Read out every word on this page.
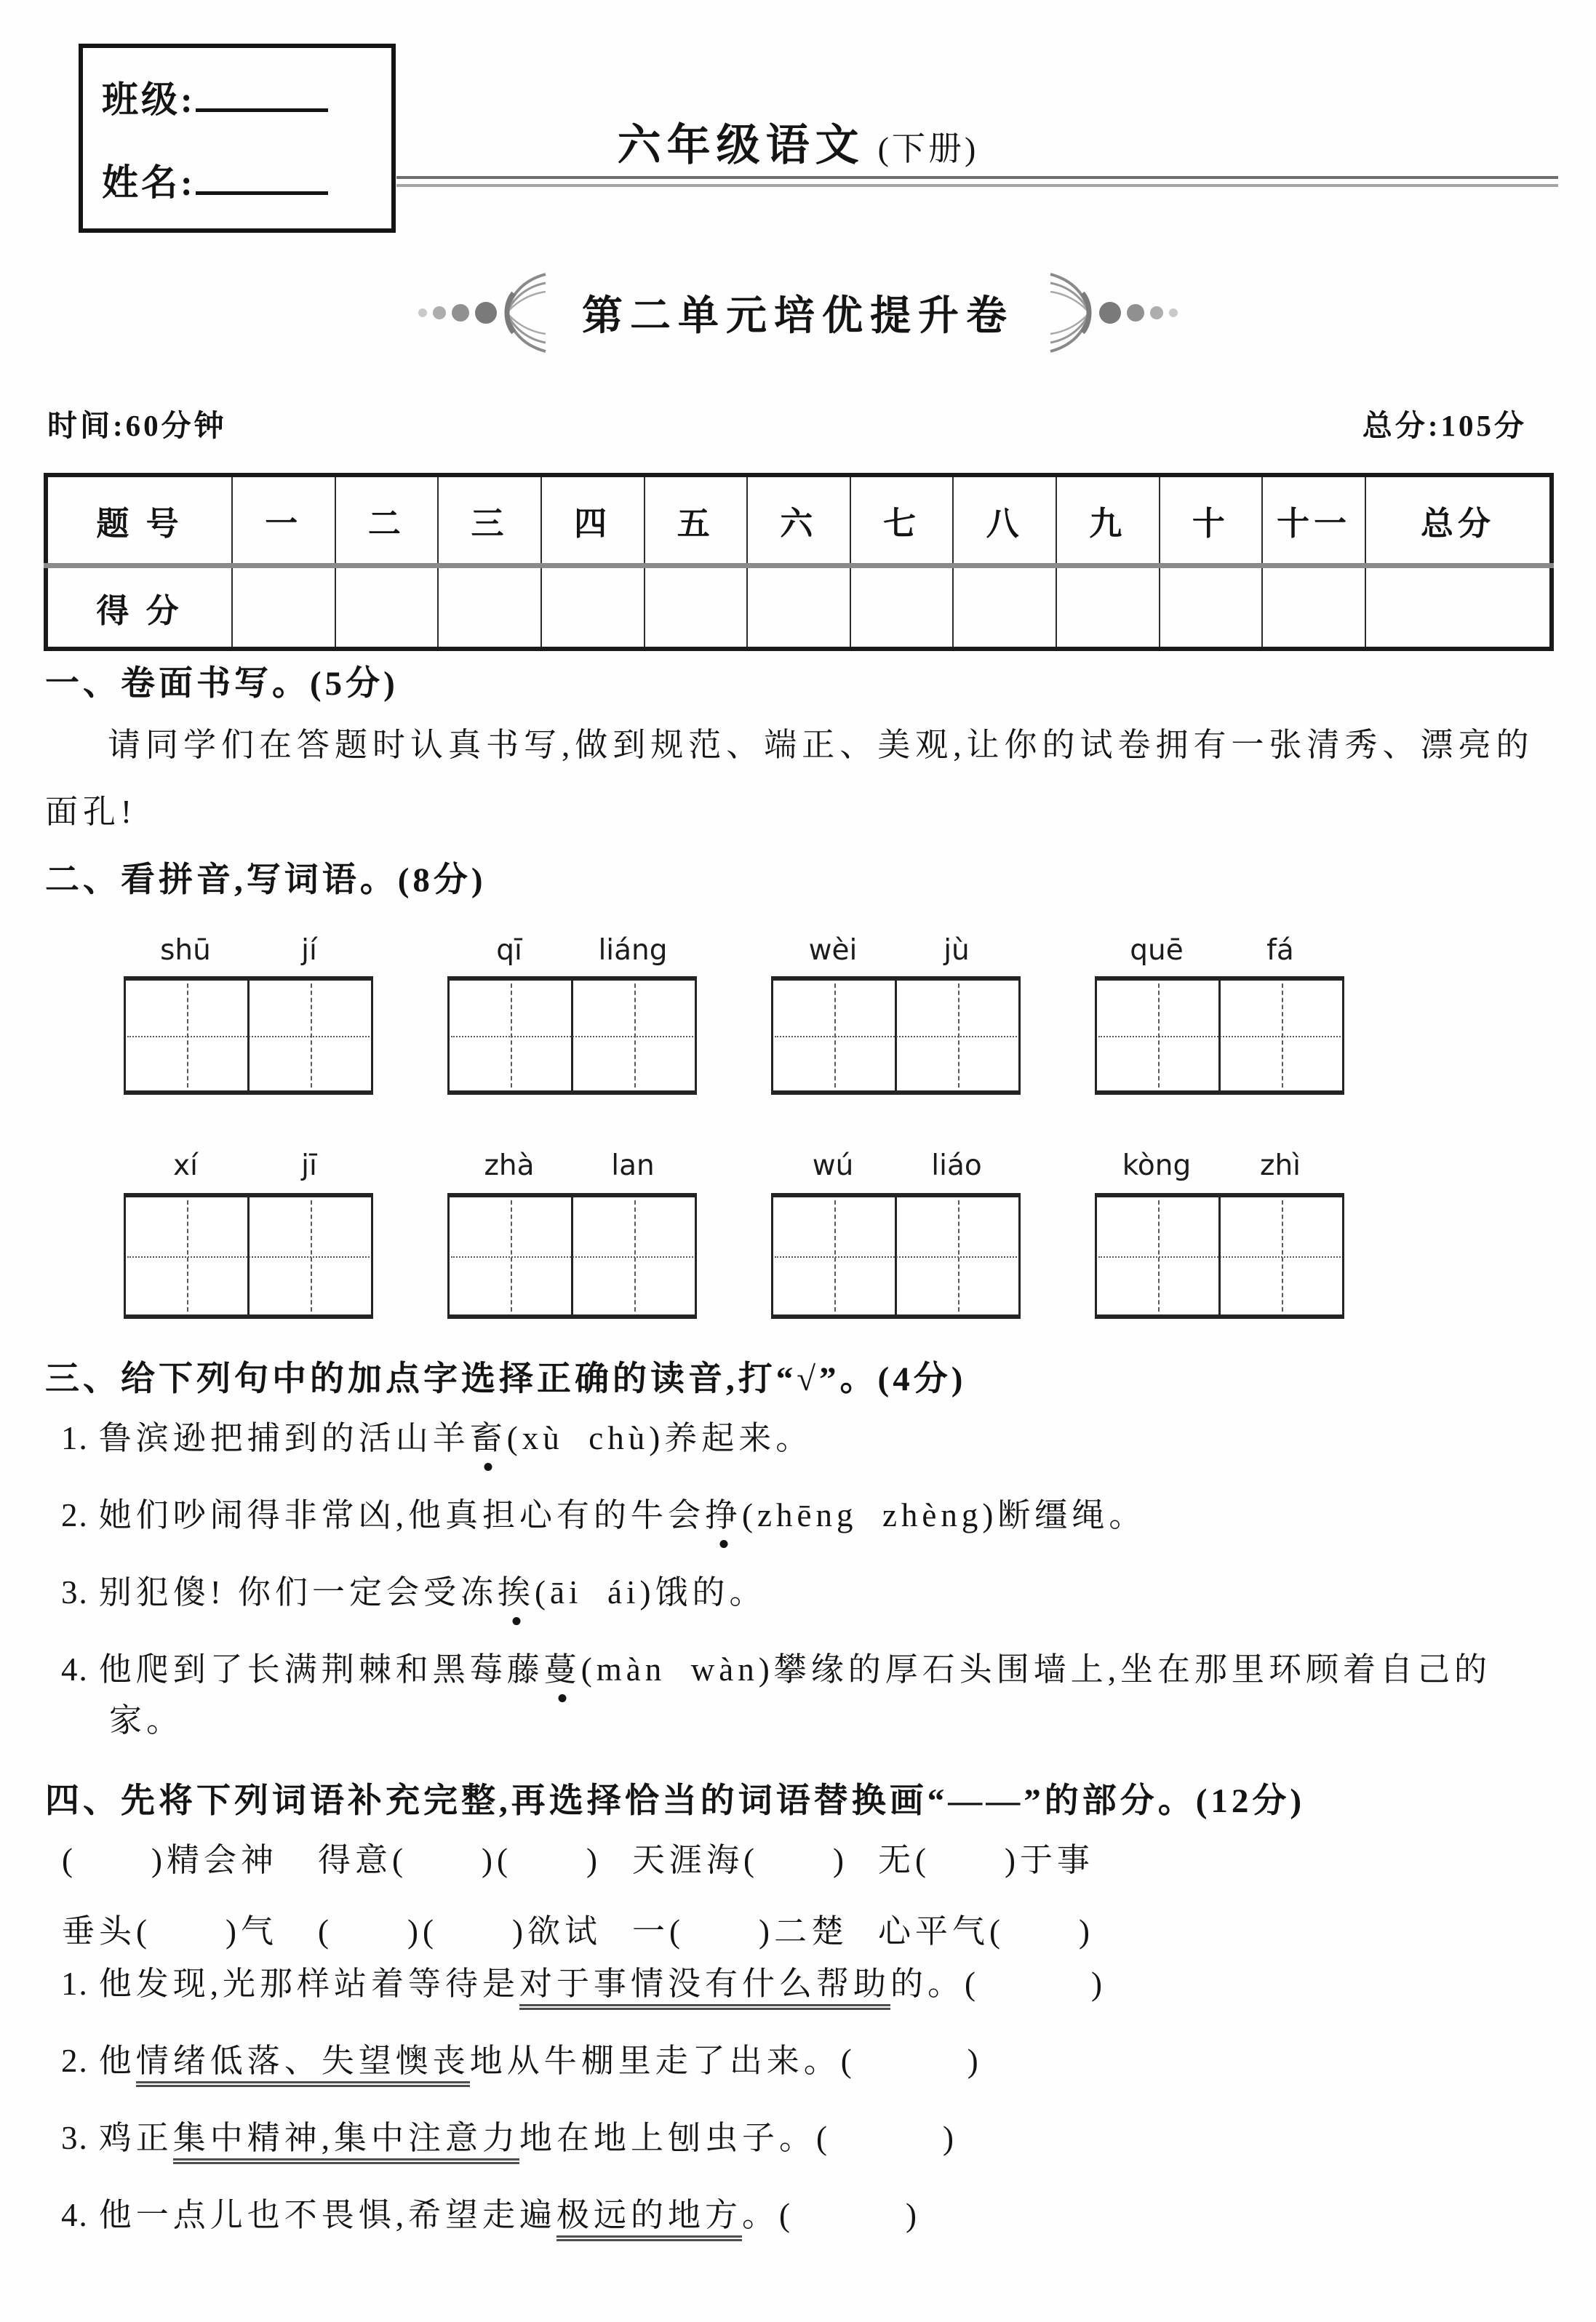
班级:
姓名:
六年级语文 (下册)
第二单元培优提升卷
时间:60分钟	总分:105分
题 号	一	二	三	四	五	六	七	八	九	十	十一	总分
得 分												
一、卷面书写。(5分)
请同学们在答题时认真书写,做到规范、端正、美观,让你的试卷拥有一张清秀、漂亮的面孔!
二、看拼音,写词语。(8分)
shū	jí	qī	liáng	wèi	jù	quē	fá
xí	jī	zhà	lan	wú	liáo	kòng	zhì
三、给下列句中的加点字选择正确的读音,打“√”。(4分)
1. 鲁滨逊把捕到的活山羊畜(xù  chù)养起来。
2. 她们吵闹得非常凶,他真担心有的牛会挣(zhēng  zhèng)断缰绳。
3. 别犯傻! 你们一定会受冻挨(āi  ái)饿的。
4. 他爬到了长满荆棘和黑莓藤蔓(màn  wàn)攀缘的厚石头围墙上,坐在那里环顾着自己的家。
四、先将下列词语补充完整,再选择恰当的词语替换画“——”的部分。(12分)
(　　)精会神	得意(　　)(　　) 天涯海(　　) 无(　　)于事
垂头(　　)气	(　　)(　　)欲试 一(　　)二楚 心平气(　　)
1. 他发现,光那样站着等待是对于事情没有什么帮助的。(　　　)
2. 他情绪低落、失望懊丧地从牛棚里走了出来。(　　　)
3. 鸡正集中精神,集中注意力地在地上刨虫子。(　　　)
4. 他一点儿也不畏惧,希望走遍极远的地方。(　　　)
